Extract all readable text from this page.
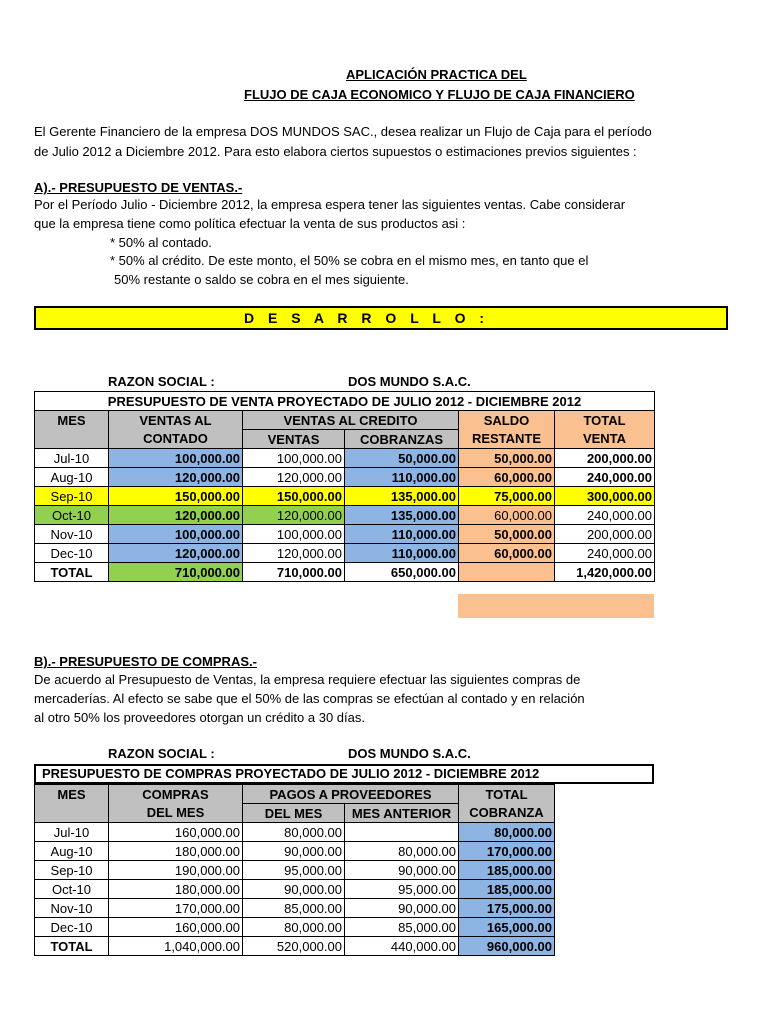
APLICACIÓN PRACTICA DEL
FLUJO DE CAJA ECONOMICO Y FLUJO DE CAJA FINANCIERO
El Gerente Financiero de la empresa DOS MUNDOS SAC., desea realizar un Flujo de Caja para el período
de Julio 2012 a Diciembre 2012. Para esto elabora ciertos supuestos o estimaciones previos siguientes :
A).- PRESUPUESTO DE VENTAS.-
Por el Período Julio - Diciembre 2012, la empresa espera tener las siguientes ventas. Cabe considerar
que la empresa tiene como política efectuar la venta de sus productos asi :
* 50% al contado.
* 50% al crédito. De este monto, el 50% se cobra en el mismo mes, en tanto que el
50% restante o saldo se cobra en el mes siguiente.
D E S A R R O L L O :
RAZON SOCIAL :	DOS MUNDO S.A.C.
PRESUPUESTO DE VENTA PROYECTADO DE JULIO 2012 - DICIEMBRE 2012					
MES	VENTAS AL	VENTAS AL CREDITO		SALDO	TOTAL
	CONTADO	VENTAS	COBRANZAS	RESTANTE	VENTA
Jul-10	100,000.00	100,000.00	50,000.00	50,000.00	200,000.00
Aug-10	120,000.00	120,000.00	110,000.00	60,000.00	240,000.00
Sep-10	150,000.00	150,000.00	135,000.00	75,000.00	300,000.00
Oct-10	120,000.00	120,000.00	135,000.00	60,000.00	240,000.00
Nov-10	100,000.00	100,000.00	110,000.00	50,000.00	200,000.00
Dec-10	120,000.00	120,000.00	110,000.00	60,000.00	240,000.00
TOTAL	710,000.00	710,000.00	650,000.00		1,420,000.00
B).- PRESUPUESTO DE COMPRAS.-
De acuerdo al Presupuesto de Ventas, la empresa requiere efectuar las siguientes compras de
mercaderías. Al efecto se sabe que el 50% de las compras se efectúan al contado y en relación
al otro 50% los proveedores otorgan un crédito a 30 días.
RAZON SOCIAL :	DOS MUNDO S.A.C.
PRESUPUESTO DE COMPRAS PROYECTADO DE JULIO 2012 - DICIEMBRE 2012
MES	COMPRAS	PAGOS A PROVEEDORES		TOTAL
	DEL MES	DEL MES	MES ANTERIOR	COBRANZA
Jul-10	160,000.00	80,000.00		80,000.00
Aug-10	180,000.00	90,000.00	80,000.00	170,000.00
Sep-10	190,000.00	95,000.00	90,000.00	185,000.00
Oct-10	180,000.00	90,000.00	95,000.00	185,000.00
Nov-10	170,000.00	85,000.00	90,000.00	175,000.00
Dec-10	160,000.00	80,000.00	85,000.00	165,000.00
TOTAL	1,040,000.00	520,000.00	440,000.00	960,000.00
